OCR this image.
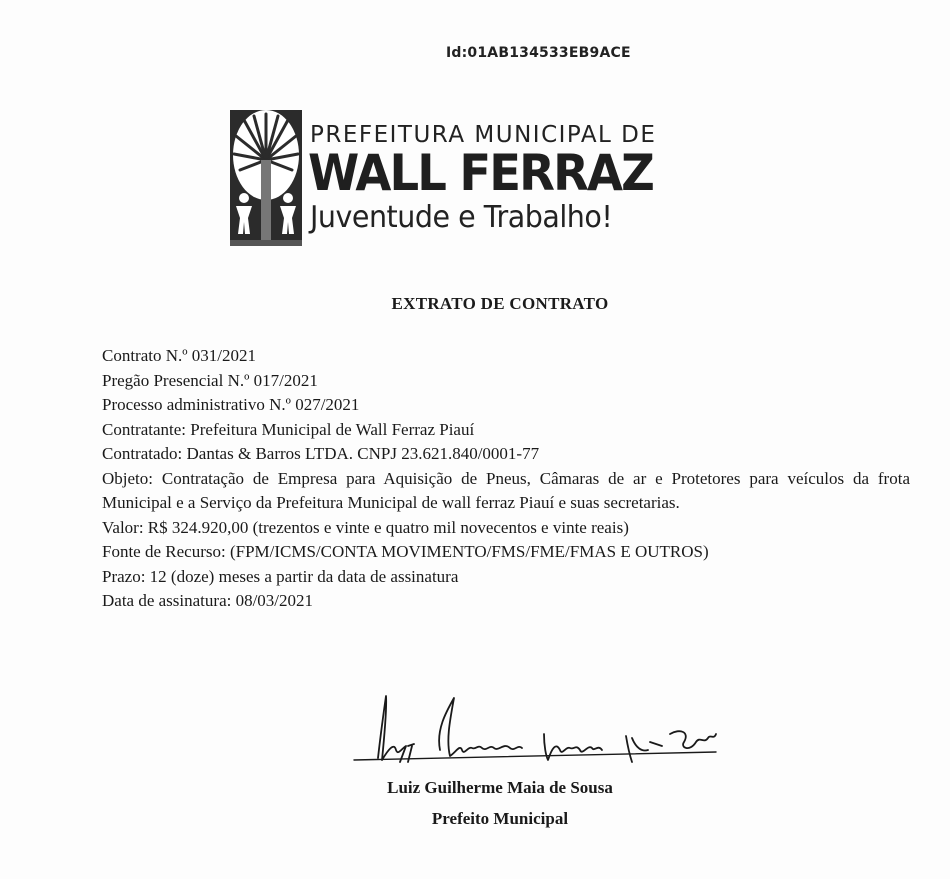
Id:01AB134533EB9ACE
PREFEITURA MUNICIPAL DE
WALL FERRAZ
Juventude e Trabalho!
EXTRATO DE CONTRATO

Contrato N.º 031/2021

Pregão Presencial N.º 017/2021

Processo administrativo N.º 027/2021

Contratante: Prefeitura Municipal de Wall Ferraz Piauí

Contratado: Dantas & Barros LTDA. CNPJ 23.621.840/0001-77

Objeto: Contratação de Empresa para Aquisição de Pneus, Câmaras de ar e Protetores para veículos da frota Municipal e a Serviço da Prefeitura Municipal de wall ferraz Piauí e suas secretarias.

Valor: R$ 324.920,00 (trezentos e vinte e quatro mil novecentos e vinte reais)

Fonte de Recurso: (FPM/ICMS/CONTA MOVIMENTO/FMS/FME/FMAS E OUTROS)

Prazo: 12 (doze) meses a partir da data de assinatura

Data de assinatura: 08/03/2021

Luiz Guilherme Maia de Sousa
Prefeito Municipal
